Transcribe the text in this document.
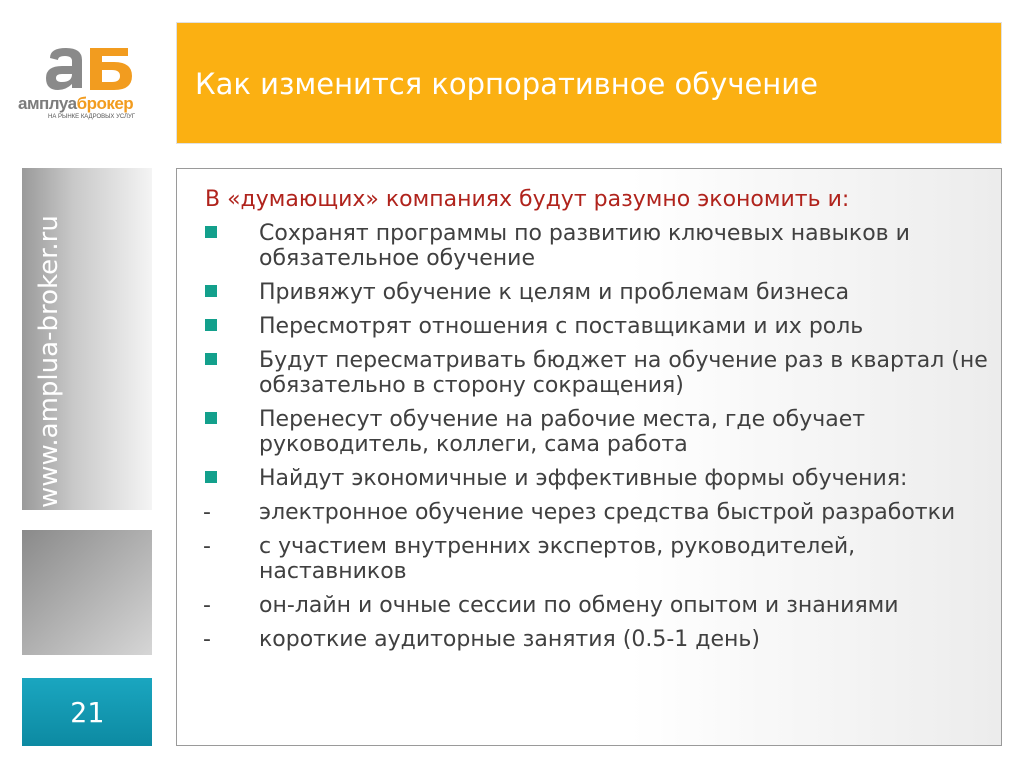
амплуаброкер
НА РЫНКЕ КАДРОВЫХ УСЛУГ
Как изменится корпоративное обучение
www.amplua-broker.ru
21
В «думающих» компаниях будут разумно экономить и:
Сохранят программы по развитию ключевых навыков и обязательное обучение
Привяжут обучение к целям и проблемам бизнеса
Пересмотрят отношения с поставщиками и их роль
Будут пересматривать бюджет на обучение раз в квартал (не обязательно в сторону сокращения)
Перенесут обучение на рабочие места, где обучает руководитель, коллеги, сама работа
Найдут экономичные и эффективные формы обучения:
- электронное обучение через средства быстрой разработки
- с участием внутренних экспертов, руководителей, наставников
- он-лайн и очные сессии по обмену опытом и знаниями
- короткие аудиторные занятия (0.5-1 день)
